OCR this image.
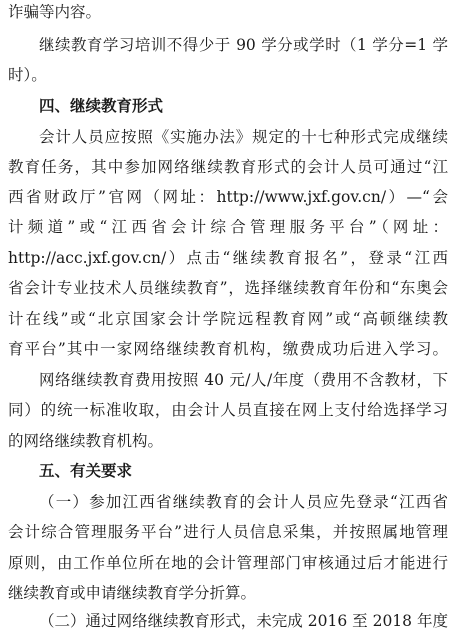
诈骗等内容。
继续教育学习培训不得少于 90 学分或学时（1 学分=1 学
时）。
四、继续教育形式
会计人员应按照《实施办法》规定的十七种形式完成继续
教育任务，其中参加网络继续教育形式的会计人员可通过“江
西省财政厅”官网（网址：http://www.jxf.gov.cn/）—“会
计频道”或“江西省会计综合管理服务平台”（网址：
http://acc.jxf.gov.cn/）点击“继续教育报名”，登录“江西
省会计专业技术人员继续教育”，选择继续教育年份和“东奥会
计在线”或“北京国家会计学院远程教育网”或“高顿继续教
育平台”其中一家网络继续教育机构，缴费成功后进入学习。
网络继续教育费用按照 40 元/人/年度（费用不含教材，下
同）的统一标准收取，由会计人员直接在网上支付给选择学习
的网络继续教育机构。
五、有关要求
（一）参加江西省继续教育的会计人员应先登录“江西省
会计综合管理服务平台”进行人员信息采集，并按照属地管理
原则，由工作单位所在地的会计管理部门审核通过后才能进行
继续教育或申请继续教育学分折算。
（二）通过网络继续教育形式，未完成 2016 至 2018 年度
